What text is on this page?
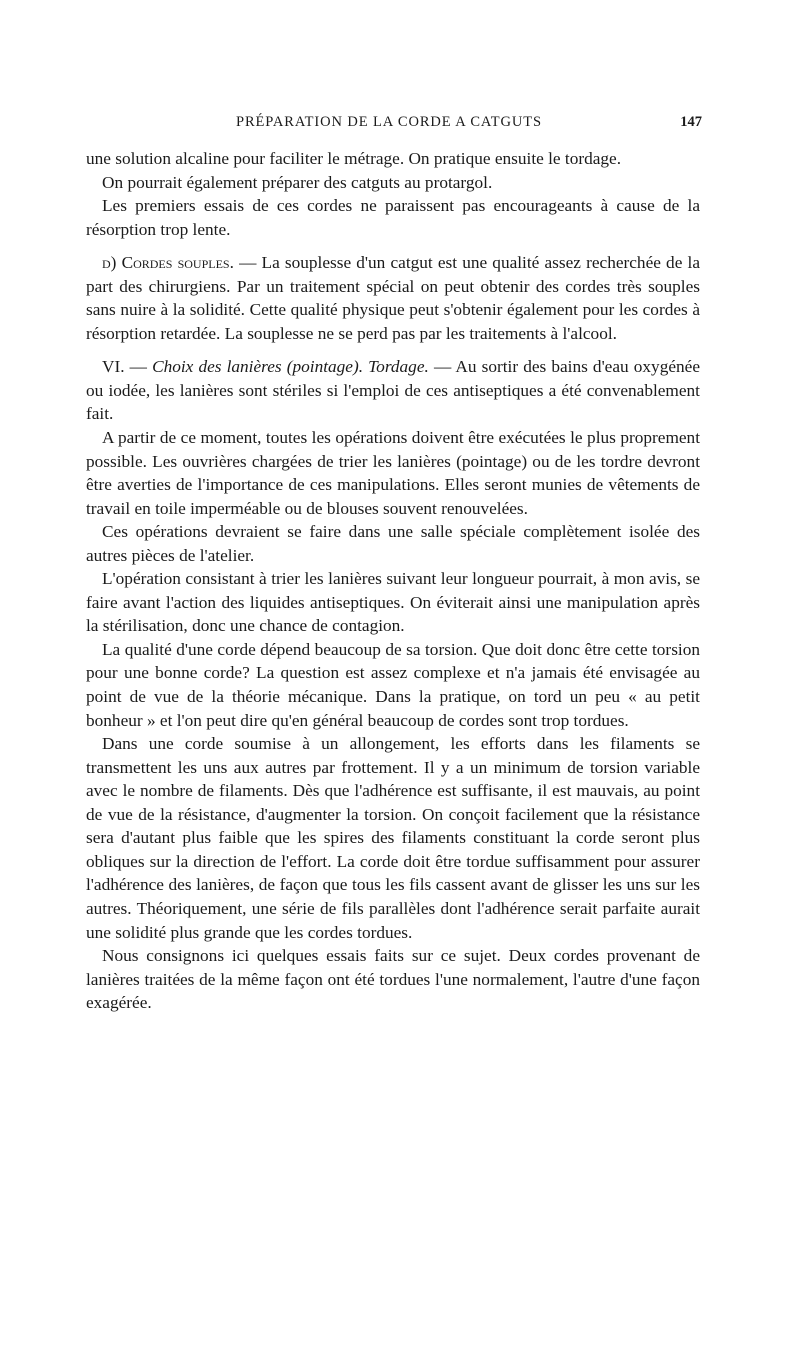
PRÉPARATION DE LA CORDE A CATGUTS	147

une solution alcaline pour faciliter le métrage. On pratique ensuite le tordage.

On pourrait également préparer des catguts au protargol.

Les premiers essais de ces cordes ne paraissent pas encourageants à cause de la résorption trop lente.

d) Cordes souples. — La souplesse d'un catgut est une qualité assez recherchée de la part des chirurgiens. Par un traitement spécial on peut obtenir des cordes très souples sans nuire à la solidité. Cette qualité physique peut s'obtenir également pour les cordes à résorption retardée. La souplesse ne se perd pas par les traitements à l'alcool.

VI. — Choix des lanières (pointage). Tordage. — Au sortir des bains d'eau oxygénée ou iodée, les lanières sont stériles si l'emploi de ces antiseptiques a été convenablement fait.

A partir de ce moment, toutes les opérations doivent être exécutées le plus proprement possible. Les ouvrières chargées de trier les lanières (pointage) ou de les tordre devront être averties de l'importance de ces manipulations. Elles seront munies de vêtements de travail en toile imperméable ou de blouses souvent renouvelées.

Ces opérations devraient se faire dans une salle spéciale complètement isolée des autres pièces de l'atelier.

L'opération consistant à trier les lanières suivant leur longueur pourrait, à mon avis, se faire avant l'action des liquides antiseptiques. On éviterait ainsi une manipulation après la stérilisation, donc une chance de contagion.

La qualité d'une corde dépend beaucoup de sa torsion. Que doit donc être cette torsion pour une bonne corde? La question est assez complexe et n'a jamais été envisagée au point de vue de la théorie mécanique. Dans la pratique, on tord un peu « au petit bonheur » et l'on peut dire qu'en général beaucoup de cordes sont trop tordues.

Dans une corde soumise à un allongement, les efforts dans les filaments se transmettent les uns aux autres par frottement. Il y a un minimum de torsion variable avec le nombre de filaments. Dès que l'adhérence est suffisante, il est mauvais, au point de vue de la résistance, d'augmenter la torsion. On conçoit facilement que la résistance sera d'autant plus faible que les spires des filaments constituant la corde seront plus obliques sur la direction de l'effort. La corde doit être tordue suffisamment pour assurer l'adhérence des lanières, de façon que tous les fils cassent avant de glisser les uns sur les autres. Théoriquement, une série de fils parallèles dont l'adhérence serait parfaite aurait une solidité plus grande que les cordes tordues.

Nous consignons ici quelques essais faits sur ce sujet. Deux cordes provenant de lanières traitées de la même façon ont été tordues l'une normalement, l'autre d'une façon exagérée.
